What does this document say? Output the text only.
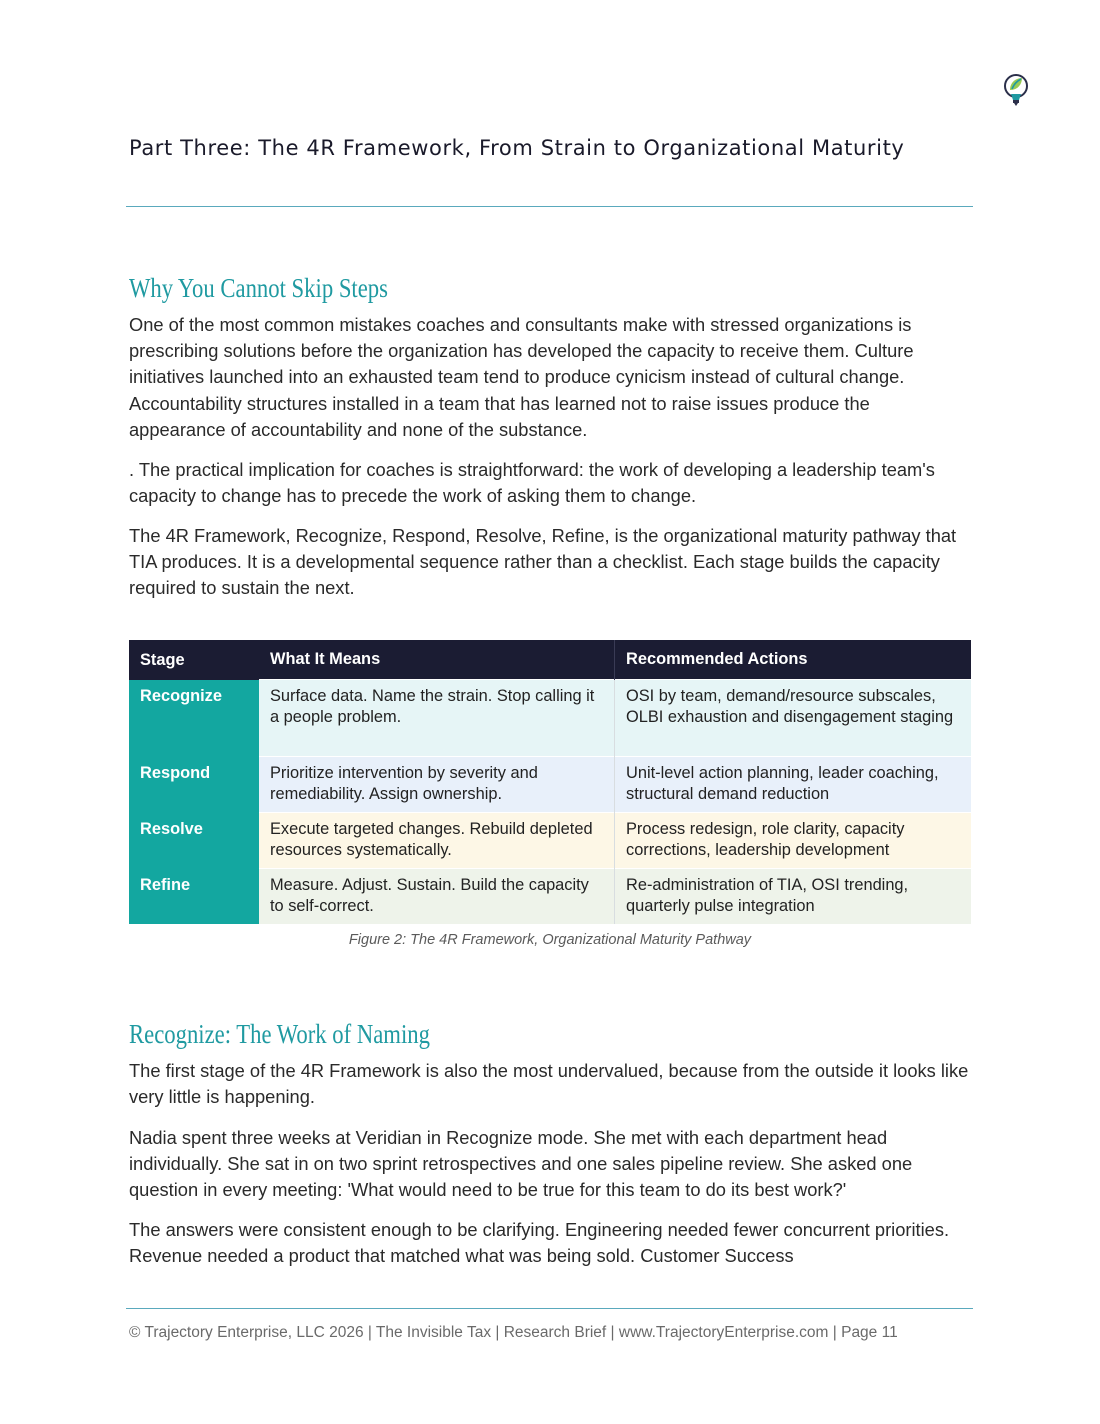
Part Three: The 4R Framework, From Strain to Organizational Maturity
Why You Cannot Skip Steps

One of the most common mistakes coaches and consultants make with stressed organizations is prescribing solutions before the organization has developed the capacity to receive them. Culture initiatives launched into an exhausted team tend to produce cynicism instead of cultural change. Accountability structures installed in a team that has learned not to raise issues produce the appearance of accountability and none of the substance.

. The practical implication for coaches is straightforward: the work of developing a leadership team's capacity to change has to precede the work of asking them to change.

The 4R Framework, Recognize, Respond, Resolve, Refine, is the organizational maturity pathway that TIA produces. It is a developmental sequence rather than a checklist. Each stage builds the capacity required to sustain the next.

Stage	What It Means	Recommended Actions
Recognize	Surface data. Name the strain. Stop calling it a people problem.	OSI by team, demand/resource subscales, OLBI exhaustion and disengagement staging
Respond	Prioritize intervention by severity and remediability. Assign ownership.	Unit-level action planning, leader coaching, structural demand reduction
Resolve	Execute targeted changes. Rebuild depleted resources systematically.	Process redesign, role clarity, capacity corrections, leadership development
Refine	Measure. Adjust. Sustain. Build the capacity to self-correct.	Re-administration of TIA, OSI trending, quarterly pulse integration
Figure 2: The 4R Framework, Organizational Maturity Pathway
Recognize: The Work of Naming

The first stage of the 4R Framework is also the most undervalued, because from the outside it looks like very little is happening.

Nadia spent three weeks at Veridian in Recognize mode. She met with each department head individually. She sat in on two sprint retrospectives and one sales pipeline review. She asked one question in every meeting: 'What would need to be true for this team to do its best work?'

The answers were consistent enough to be clarifying. Engineering needed fewer concurrent priorities. Revenue needed a product that matched what was being sold. Customer Success

© Trajectory Enterprise, LLC 2026 | The Invisible Tax | Research Brief | www.TrajectoryEnterprise.com | Page 11
